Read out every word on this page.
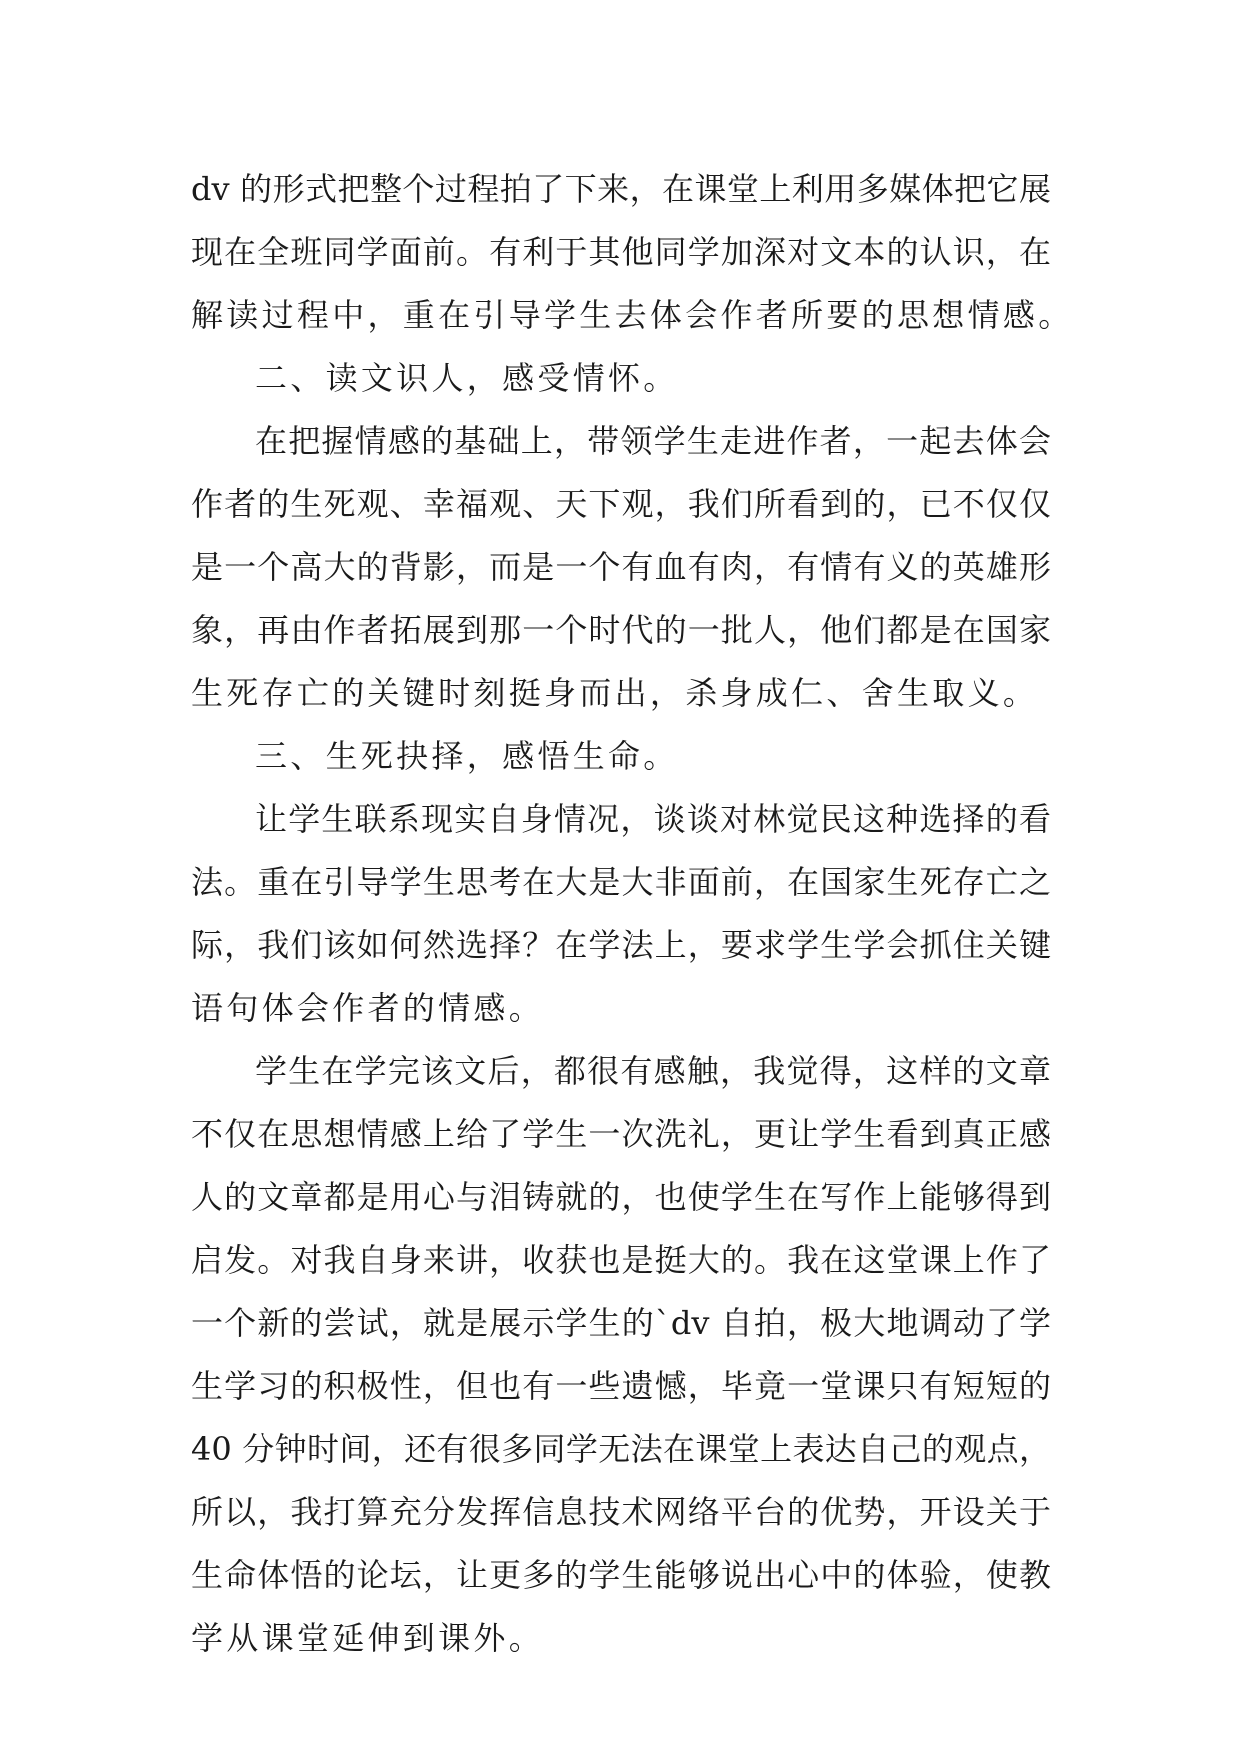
dv 的形式把整个过程拍了下来，在课堂上利用多媒体把它展
现在全班同学面前。有利于其他同学加深对文本的认识，在
解读过程中，重在引导学生去体会作者所要的思想情感。
二、读文识人，感受情怀。
在把握情感的基础上，带领学生走进作者，一起去体会
作者的生死观、幸福观、天下观，我们所看到的，已不仅仅
是一个高大的背影，而是一个有血有肉，有情有义的英雄形
象，再由作者拓展到那一个时代的一批人，他们都是在国家
生死存亡的关键时刻挺身而出，杀身成仁、舍生取义。
三、生死抉择，感悟生命。
让学生联系现实自身情况，谈谈对林觉民这种选择的看
法。重在引导学生思考在大是大非面前，在国家生死存亡之
际，我们该如何然选择？在学法上，要求学生学会抓住关键
语句体会作者的情感。
学生在学完该文后，都很有感触，我觉得，这样的文章
不仅在思想情感上给了学生一次洗礼，更让学生看到真正感
人的文章都是用心与泪铸就的，也使学生在写作上能够得到
启发。对我自身来讲，收获也是挺大的。我在这堂课上作了
一个新的尝试，就是展示学生的`dv 自拍，极大地调动了学
生学习的积极性，但也有一些遗憾，毕竟一堂课只有短短的
40 分钟时间，还有很多同学无法在课堂上表达自己的观点，
所以，我打算充分发挥信息技术网络平台的优势，开设关于
生命体悟的论坛，让更多的学生能够说出心中的体验，使教
学从课堂延伸到课外。
